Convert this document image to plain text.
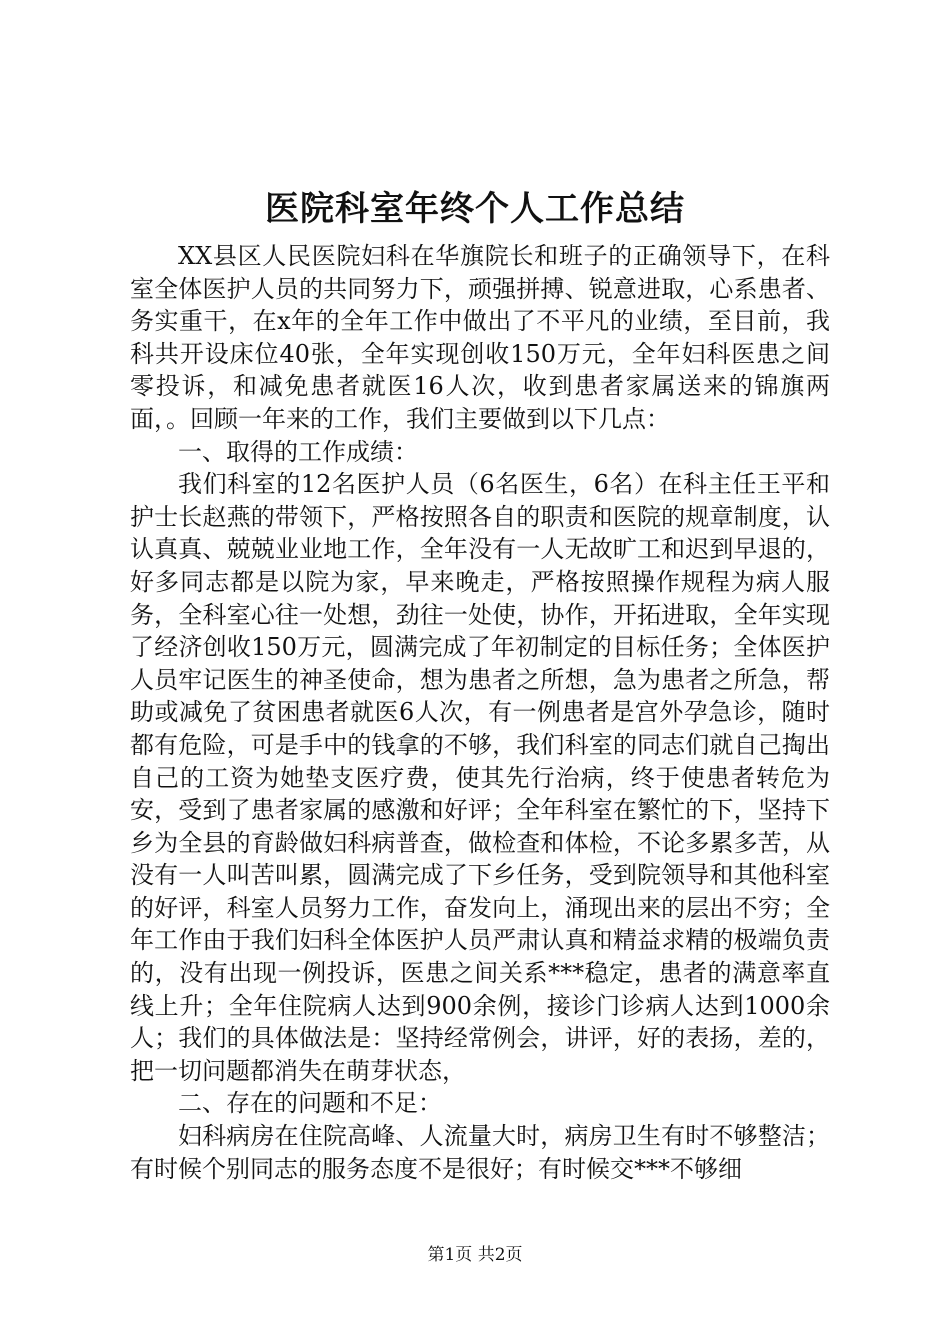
医院科室年终个人工作总结

XX县区人民医院妇科在华旗院长和班子的正确领导下，在科室全体医护人员的共同努力下，顽强拼搏、锐意进取，心系患者、务实重干，在x年的全年工作中做出了不平凡的业绩，至目前，我科共开设床位40张，全年实现创收150万元，全年妇科医患之间零投诉，和减免患者就医16人次，收到患者家属送来的锦旗两面，。回顾一年来的工作，我们主要做到以下几点：

一、取得的工作成绩：

我们科室的12名医护人员（6名医生，6名）在科主任王平和护士长赵燕的带领下，严格按照各自的职责和医院的规章制度，认认真真、兢兢业业地工作，全年没有一人无故旷工和迟到早退的，好多同志都是以院为家，早来晚走，严格按照操作规程为病人服务，全科室心往一处想，劲往一处使，协作，开拓进取，全年实现了经济创收150万元，圆满完成了年初制定的目标任务；全体医护人员牢记医生的神圣使命，想为患者之所想，急为患者之所急，帮助或减免了贫困患者就医6人次，有一例患者是宫外孕急诊，随时都有危险，可是手中的钱拿的不够，我们科室的同志们就自己掏出自己的工资为她垫支医疗费，使其先行治病，终于使患者转危为安，受到了患者家属的感激和好评；全年科室在繁忙的下，坚持下乡为全县的育龄做妇科病普查，做检查和体检，不论多累多苦，从没有一人叫苦叫累，圆满完成了下乡任务，受到院领导和其他科室的好评，科室人员努力工作，奋发向上，涌现出来的层出不穷；全年工作由于我们妇科全体医护人员严肃认真和精益求精的极端负责的，没有出现一例投诉，医患之间关系***稳定，患者的满意率直线上升；全年住院病人达到900余例，接诊门诊病人达到1000余人；我们的具体做法是：坚持经常例会，讲评，好的表扬，差的，把一切问题都消失在萌芽状态，

二、存在的问题和不足：

妇科病房在住院高峰、人流量大时，病房卫生有时不够整洁；有时候个别同志的服务态度不是很好；有时候交***不够细

第1页 共2页
